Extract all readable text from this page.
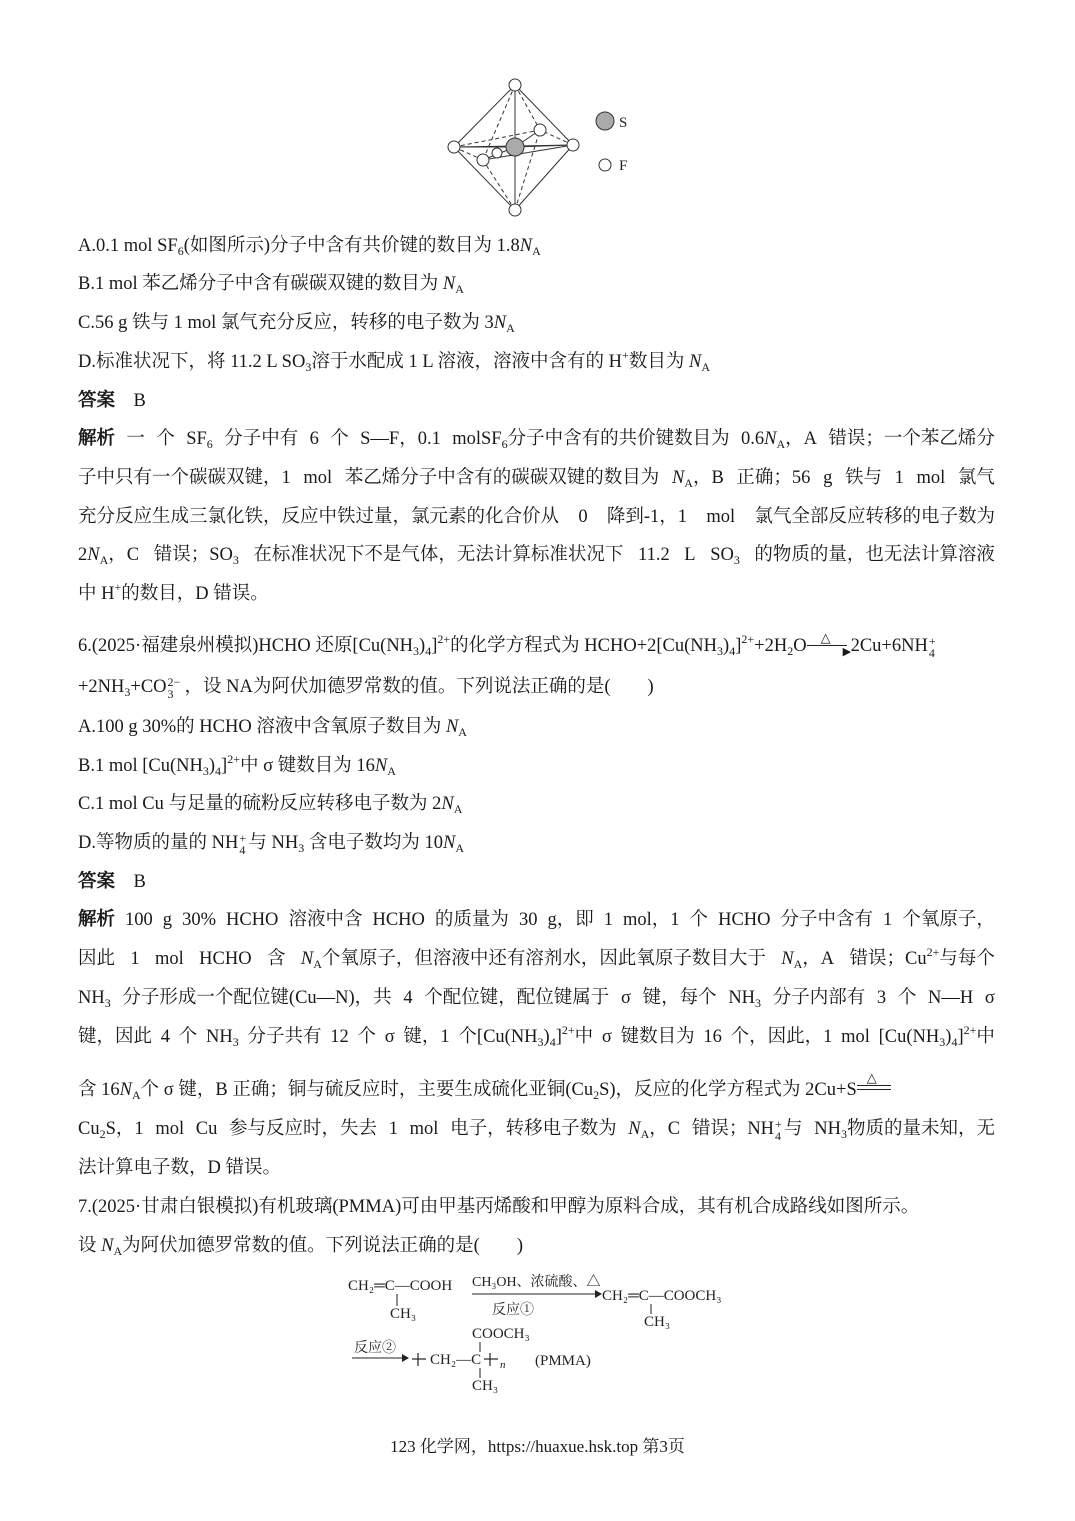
S
F
A.0.1 mol $SF_6$(如图所示)分子中含有共价键的数目为 $1.8N_A$
B.1 mol 苯乙烯分子中含有碳碳双键的数目为 $N_A$
C.56 g 铁与 1 mol 氯气充分反应，转移的电子数为 $3N_A$
D.标准状况下，将 11.2 L $SO_3$溶于水配成 1 L 溶液，溶液中含有的 H+数目为 $N_A$
答案　 B
解析 一 个 $SF_6$ 分子中有 6 个 S—F，0.1 molSF$_6$分子中含有的共价键数目为 $0.6N_A$，A 错误；一个苯乙烯分
子中只有一个碳碳双键，1 mol 苯乙烯分子中含有的碳碳双键的数目为 $N_A$，B 正确；56 g 铁与 1 mol 氯气
充分反应生成三氯化铁，反应中铁过量，氯元素的化合价从 0 降到-1，1 mol 氯气全部反应转移的电子数为
$2N_A$，C 错误；$SO_3$ 在标准状况下不是气体，无法计算标准状况下 11.2 L $SO_3$ 的物质的量，也无法计算溶液
中 H+的数目，D 错误。
6.(2025·福建泉州模拟)HCHO 还原$[Cu(NH_3)_4]^{2+}$的化学方程式为 $HCHO+2[Cu(NH_3)_4]^{2+}+2H_2O$ △
▶ 2Cu+6NH +
4
$+2NH_3+CO$ 2−
3 ，设 NA为阿伏加德罗常数的值。下列说法正确的是(　　)
A.100 g 30%的 HCHO 溶液中含氧原子数目为 $N_A$
B.1 mol $[Cu(NH_3)_4]^{2+}$中 σ 键数目为 $16N_A$
C.1 mol Cu 与足量的硫粉反应转移电子数为 $2N_A$
D.等物质的量的 NH +
4 与 $NH_3$ 含电子数均为 $10N_A$
答案　 B
解析 100 g 30% HCHO 溶液中含 HCHO 的质量为 30 g，即 1 mol，1 个 HCHO 分子中含有 1 个氧原子，
因此 1 mol HCHO 含 $N_A$个氧原子，但溶液中还有溶剂水，因此氧原子数目大于 $N_A$，A 错误；$Cu^{2+}$与每个
$NH_3$ 分子形成一个配位键(Cu—N)，共 4 个配位键，配位键属于 σ 键，每个 $NH_3$ 分子内部有 3 个 N—H σ
键，因此 4 个 $NH_3$ 分子共有 12 个 σ 键，1 个$[Cu(NH_3)_4]^{2+}$中 σ 键数目为 16 个，因此，1 mol $[Cu(NH_3)_4]^{2+}$中
含 $16N_A$个 σ 键，B 正确；铜与硫反应时，主要生成硫化亚铜$(Cu_2S)$，反应的化学方程式为 2Cu+S
△
$Cu_2S$，1 mol Cu 参与反应时，失去 1 mol 电子，转移电子数为 $N_A$，C 错误；NH +
4 与 $NH_3$物质的量未知，无
法计算电子数，D 错误。
7.(2025·甘肃白银模拟)有机玻璃(PMMA)可由甲基丙烯酸和甲醇为原料合成，其有机合成路线如图所示。
设 $N_A$为阿伏加德罗常数的值。下列说法正确的是(　　)
CH₂═C—COOH
CH₃
CH₃OH、浓硫酸、△
反应①
CH₂═C—COOCH₃
CH₃
反应②
COOCH₃
CH₂—C n
CH₃
(PMMA)
123 化学网，https://huaxue.hsk.top 第3页
